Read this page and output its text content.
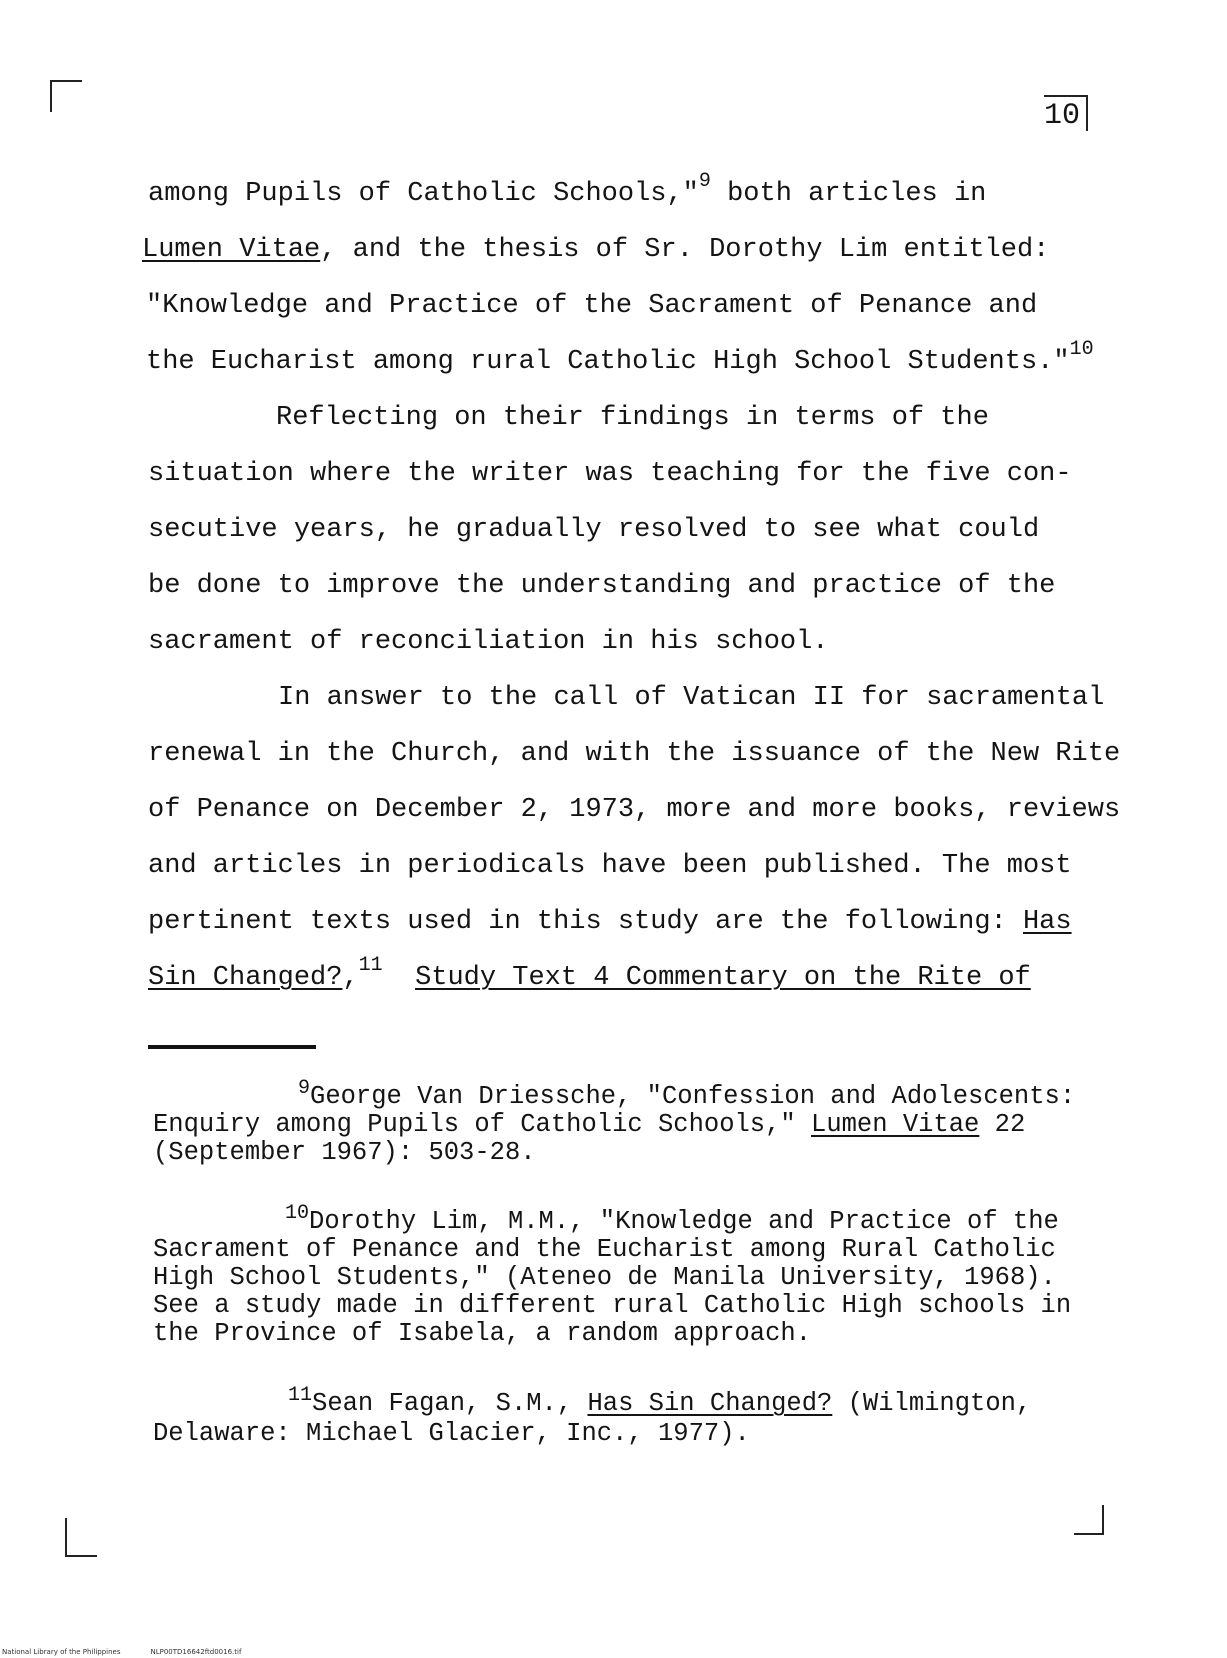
10
among Pupils of Catholic Schools,"$^9$ both articles in
Lumen Vitae, and the thesis of Sr. Dorothy Lim entitled:
"Knowledge and Practice of the Sacrament of Penance and
the Eucharist among rural Catholic High School Students."$^{10}$
Reflecting on their findings in terms of the
situation where the writer was teaching for the five con-
secutive years, he gradually resolved to see what could
be done to improve the understanding and practice of the
sacrament of reconciliation in his school.
In answer to the call of Vatican II for sacramental
renewal in the Church, and with the issuance of the New Rite
of Penance on December 2, 1973, more and more books, reviews
and articles in periodicals have been published. The most
pertinent texts used in this study are the following: Has
Sin Changed?,$^{11}$ Study Text 4 Commentary on the Rite of
$^9$George Van Driessche, "Confession and Adolescents:
Enquiry among Pupils of Catholic Schools," Lumen Vitae 22
(September 1967): 503-28.
$^{10}$Dorothy Lim, M.M., "Knowledge and Practice of the
Sacrament of Penance and the Eucharist among Rural Catholic
High School Students," (Ateneo de Manila University, 1968).
See a study made in different rural Catholic High schools in
the Province of Isabela, a random approach.
$^{11}$Sean Fagan, S.M., Has Sin Changed? (Wilmington,
Delaware: Michael Glacier, Inc., 1977).
National Library of the Philippines	NLP00TD16642ftd0016.tif
